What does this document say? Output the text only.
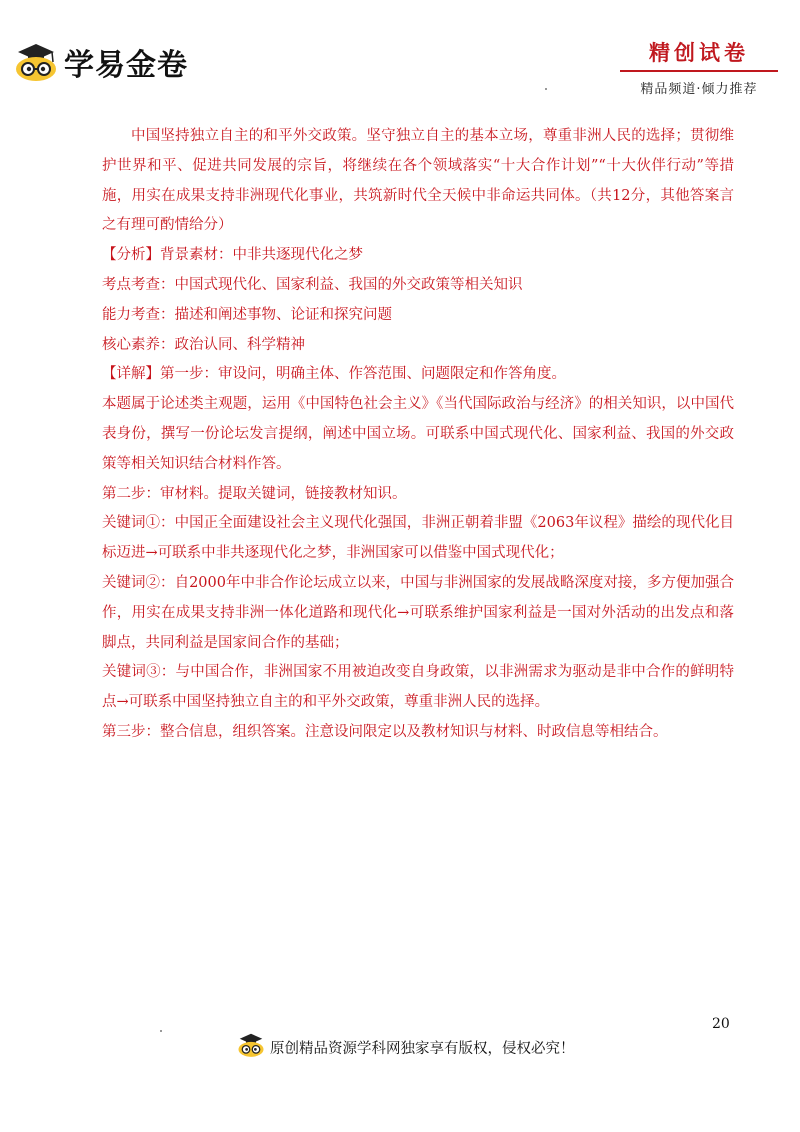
学易金卷	精创试卷
精品频道·倾力推荐

中国坚持独立自主的和平外交政策。坚守独立自主的基本立场，尊重非洲人民的选择；贯彻维护世界和平、促进共同发展的宗旨，将继续在各个领域落实“十大合作计划”“十大伙伴行动”等措施，用实在成果支持非洲现代化事业，共筑新时代全天候中非命运共同体。（共12分，其他答案言之有理可酌情给分）

【分析】背景素材：中非共逐现代化之梦

考点考查：中国式现代化、国家利益、我国的外交政策等相关知识

能力考查：描述和阐述事物、论证和探究问题

核心素养：政治认同、科学精神

【详解】第一步：审设问，明确主体、作答范围、问题限定和作答角度。

本题属于论述类主观题，运用《中国特色社会主义》《当代国际政治与经济》的相关知识，以中国代表身份，撰写一份论坛发言提纲，阐述中国立场。可联系中国式现代化、国家利益、我国的外交政策等相关知识结合材料作答。

第二步：审材料。提取关键词，链接教材知识。

关键词①：中国正全面建设社会主义现代化强国，非洲正朝着非盟《2063年议程》描绘的现代化目标迈进→可联系中非共逐现代化之梦，非洲国家可以借鉴中国式现代化；

关键词②：自2000年中非合作论坛成立以来，中国与非洲国家的发展战略深度对接，多方便加强合作，用实在成果支持非洲一体化道路和现代化→可联系维护国家利益是一国对外活动的出发点和落脚点，共同利益是国家间合作的基础；

关键词③：与中国合作，非洲国家不用被迫改变自身政策，以非洲需求为驱动是非中合作的鲜明特点→可联系中国坚持独立自主的和平外交政策，尊重非洲人民的选择。

第三步：整合信息，组织答案。注意设问限定以及教材知识与材料、时政信息等相结合。

20
原创精品资源学科网独家享有版权，侵权必究！
